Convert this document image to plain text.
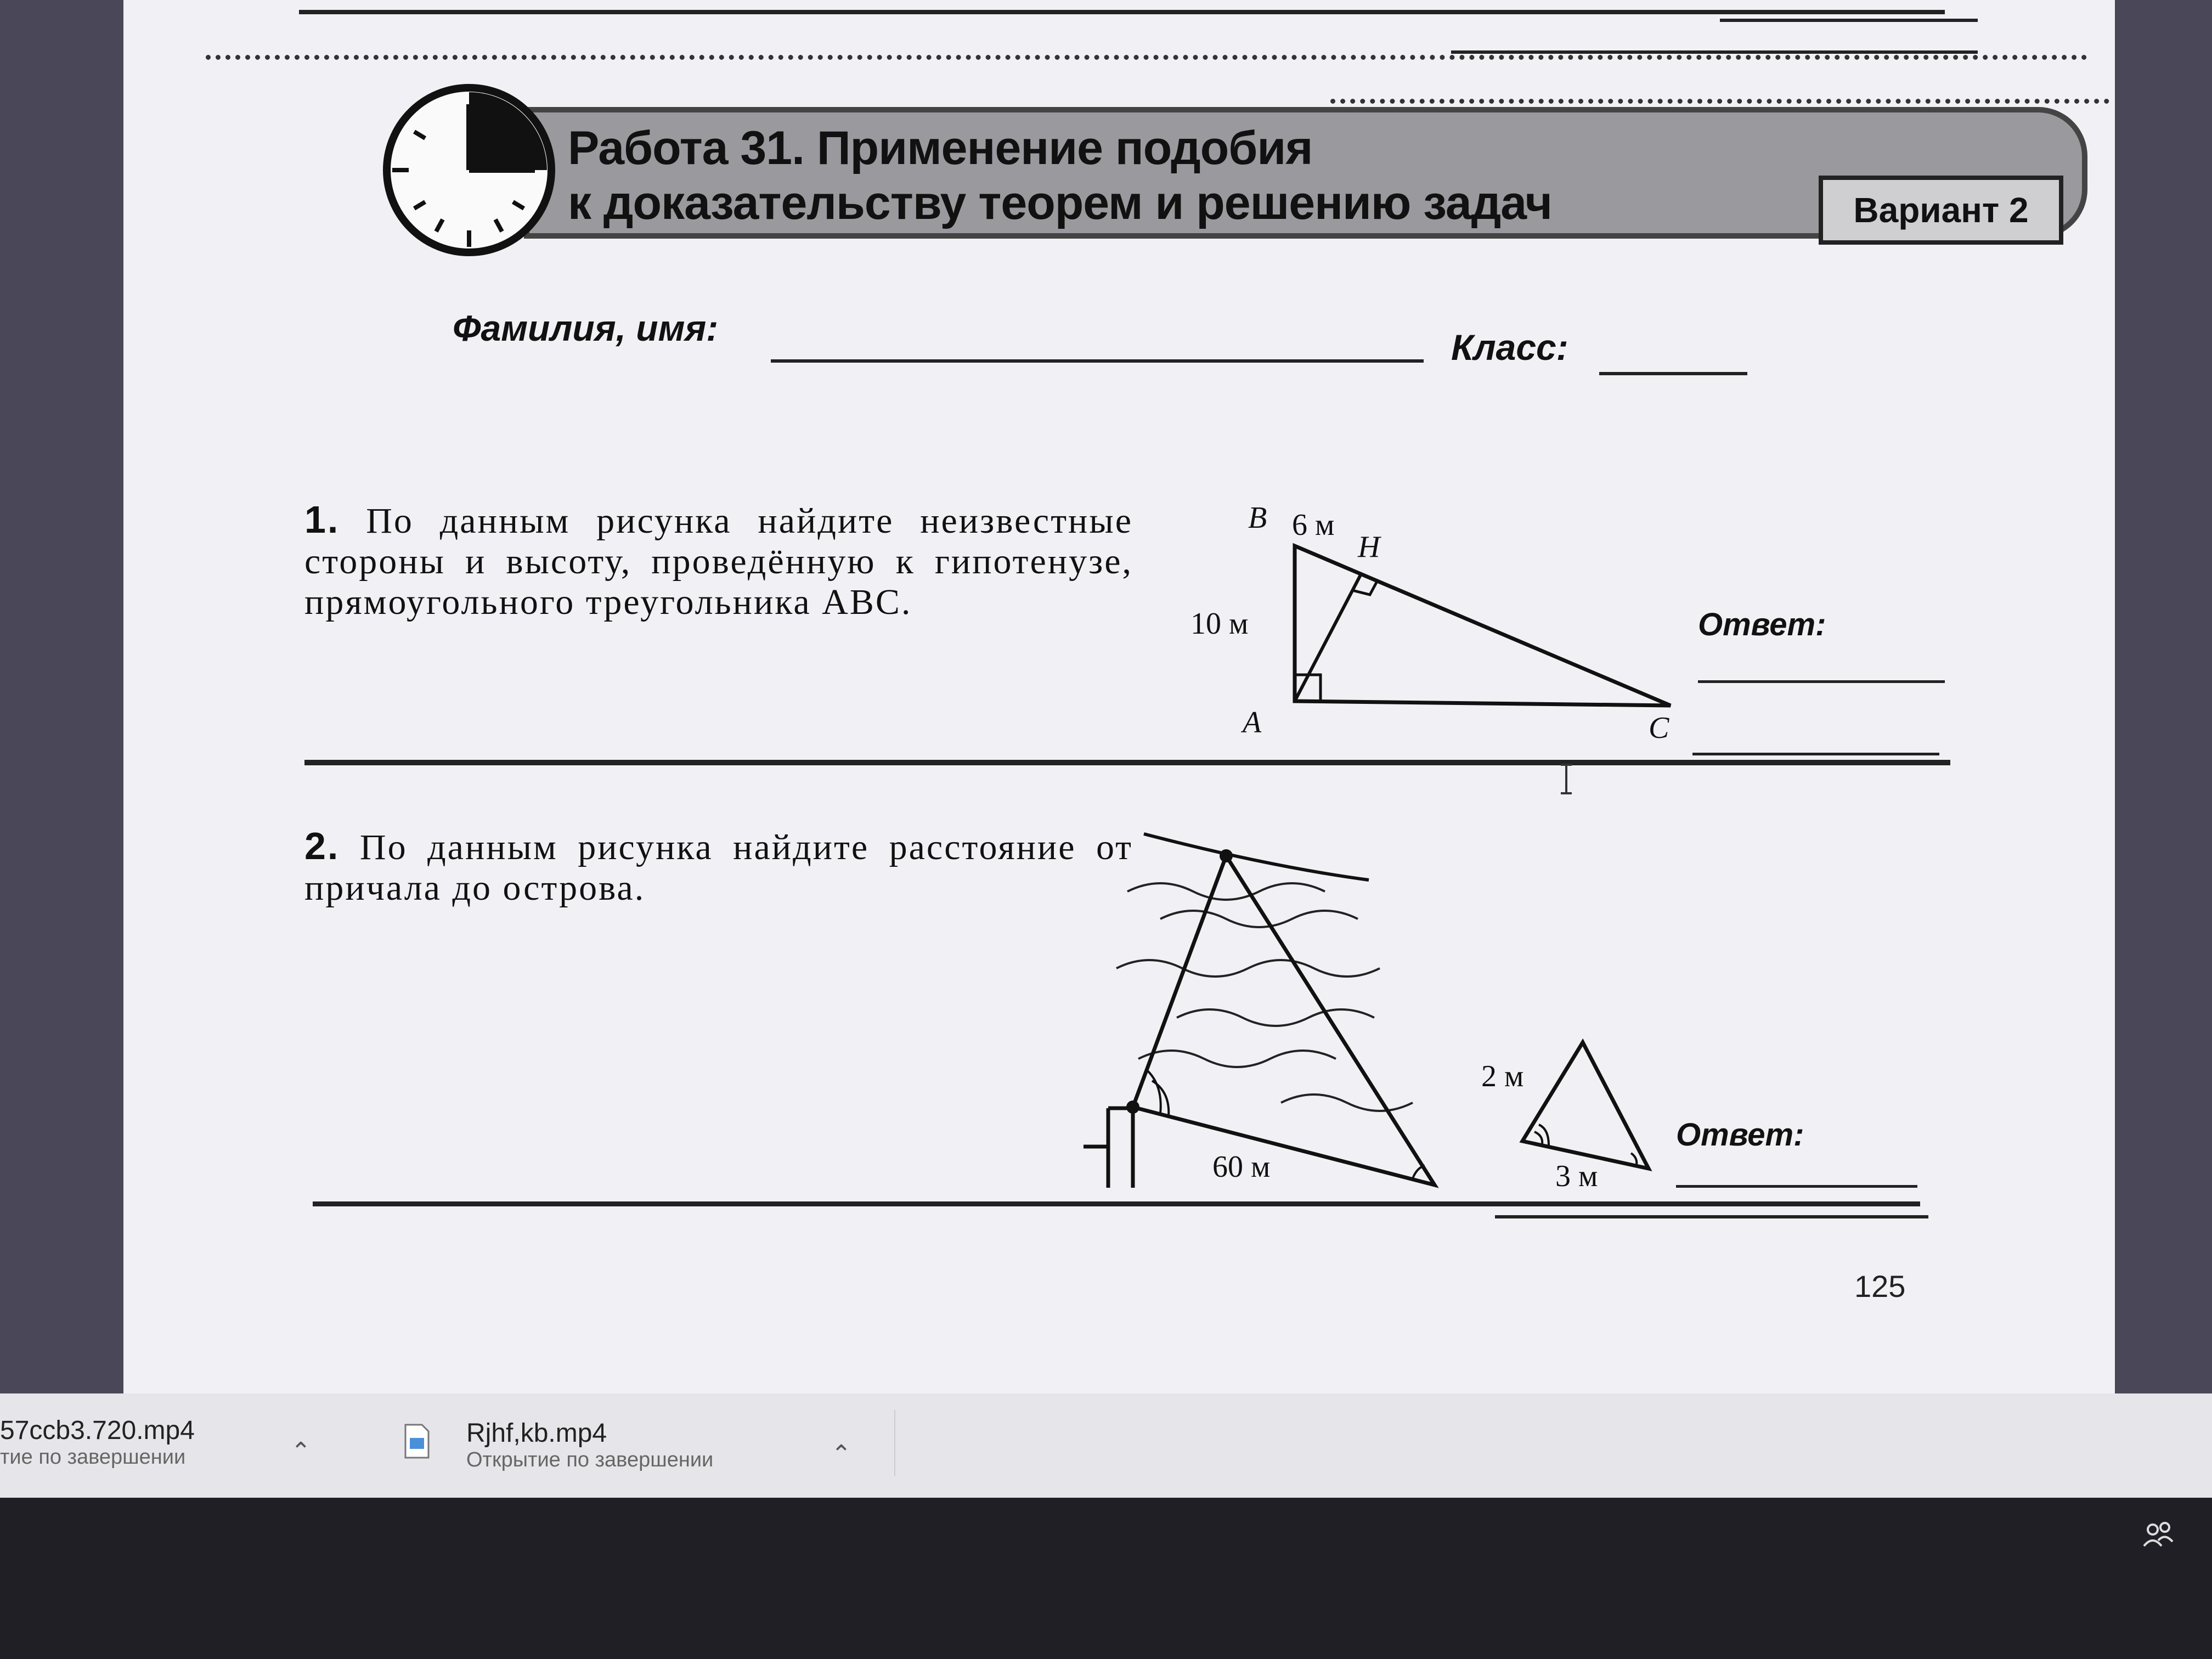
Работа 31. Применение подобия
к доказательству теорем и решению задач	Вариант 2
Фамилия, имя:	Класс:
1. По данным рисунка найдите неизвестные стороны и высоту, проведённую к гипотенузе, прямоугольного треугольника ABC.
B 6 м
H
10 м
A	C
Ответ:
2. По данным рисунка найдите расстояние от причала до острова.
60 м
2 м
3 м
Ответ:
125
57ccb3.720.mp4
тие по завершении	⌃
Rjhf,kb.mp4
Открытие по завершении	⌃
